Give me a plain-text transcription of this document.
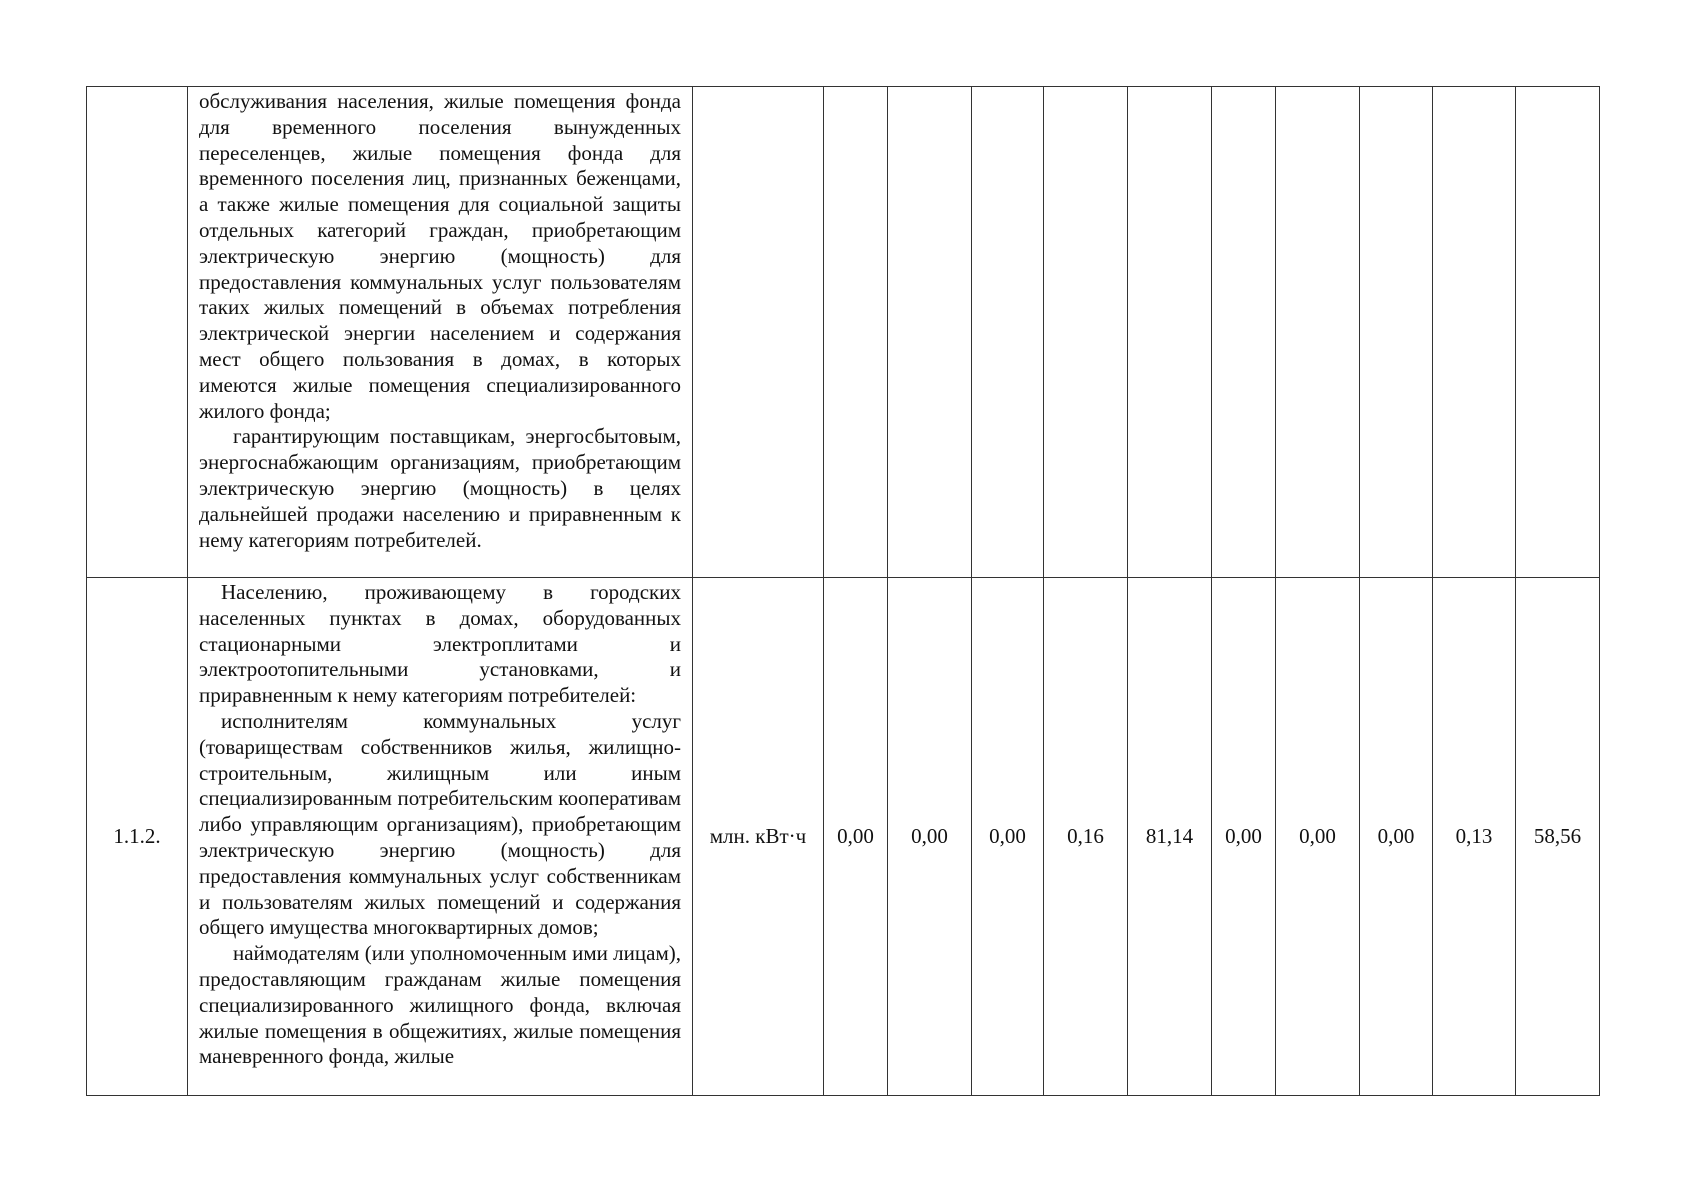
	обслуживания населения, жилые помещения фонда для временного поселения вынужденных переселенцев, жилые помещения фонда для временного поселения лиц, признанных беженцами, а также жилые помещения для социальной защиты отдельных категорий граждан, приобретающим электрическую энергию (мощность) для предоставления коммунальных услуг пользователям таких жилых помещений в объемах потребления электрической энергии населением и содержания мест общего пользования в домах, в которых имеются жилые помещения специализированного жилого фонда;

гарантирующим поставщикам, энергосбытовым, энергоснабжающим организациям, приобретающим электрическую энергию (мощность) в целях дальнейшей продажи населению и приравненным к нему категориям потребителей.											

1.1.2.	Населению, проживающему в городских населенных пунктах в домах, оборудованных стационарными электроплитами и электроотопительными установками, и приравненным к нему категориям потребителей:

исполнителям коммунальных услуг (товариществам собственников жилья, жилищно-строительным, жилищным или иным специализированным потребительским кооперативам либо управляющим организациям), приобретающим электрическую энергию (мощность) для предоставления коммунальных услуг собственникам и пользователям жилых помещений и содержания общего имущества многоквартирных домов;

наймодателям (или уполномоченным ими лицам), предоставляющим гражданам жилые помещения специализированного жилищного фонда, включая жилые помещения в общежитиях, жилые помещения маневренного фонда, жилые	млн. кВт·ч	0,00	0,00	0,00	0,16	81,14	0,00	0,00	0,00	0,13	58,56
